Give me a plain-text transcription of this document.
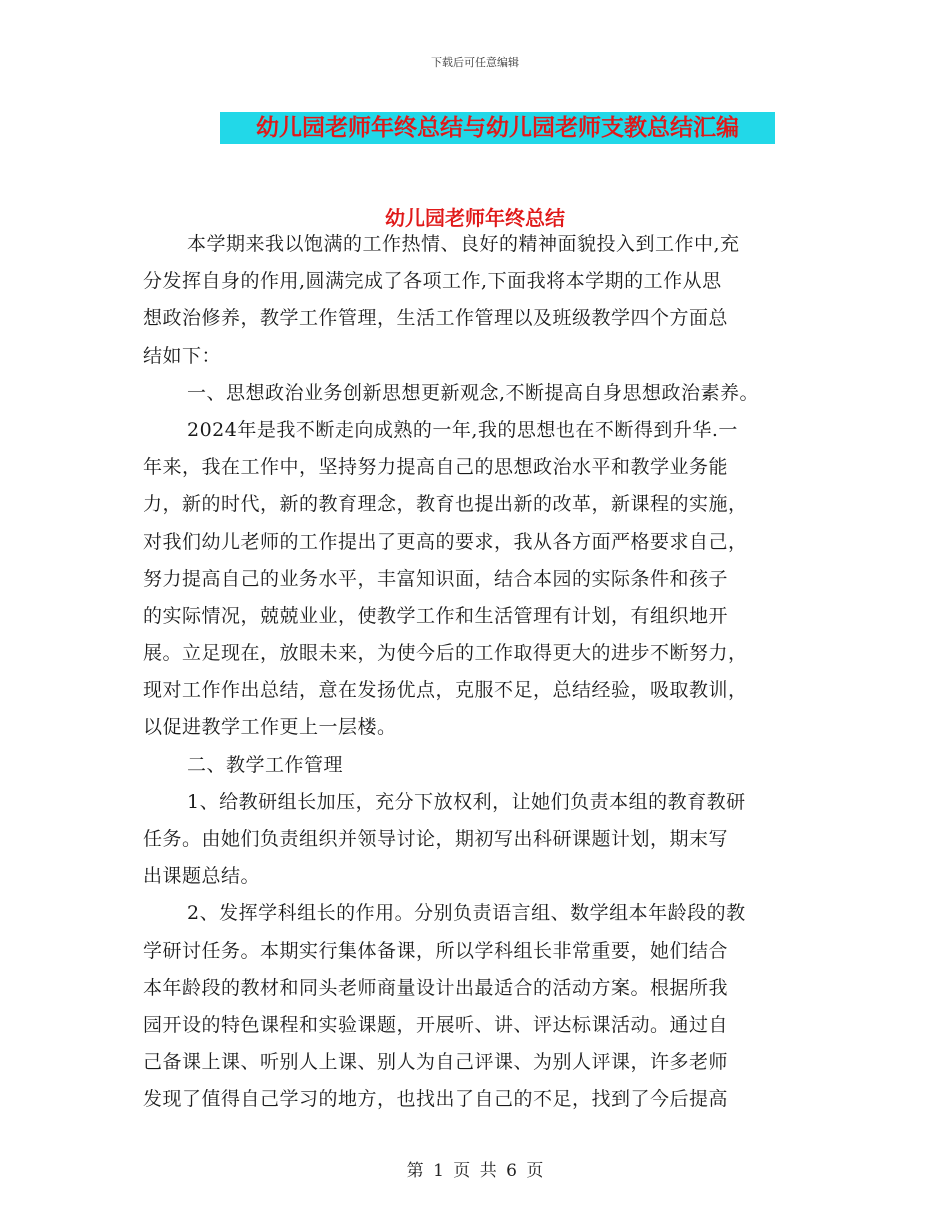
下载后可任意编辑
幼儿园老师年终总结与幼儿园老师支教总结汇编
幼儿园老师年终总结
本学期来我以饱满的工作热情、良好的精神面貌投入到工作中,充
分发挥自身的作用,圆满完成了各项工作,下面我将本学期的工作从思
想政治修养，教学工作管理，生活工作管理以及班级教学四个方面总
结如下：
一、思想政治业务创新思想更新观念,不断提高自身思想政治素养。
2024年是我不断走向成熟的一年,我的思想也在不断得到升华.一
年来，我在工作中，坚持努力提高自己的思想政治水平和教学业务能
力，新的时代，新的教育理念，教育也提出新的改革，新课程的实施，
对我们幼儿老师的工作提出了更高的要求，我从各方面严格要求自己，
努力提高自己的业务水平，丰富知识面，结合本园的实际条件和孩子
的实际情况，兢兢业业，使教学工作和生活管理有计划，有组织地开
展。立足现在，放眼未来，为使今后的工作取得更大的进步不断努力，
现对工作作出总结，意在发扬优点，克服不足，总结经验，吸取教训，
以促进教学工作更上一层楼。
二、教学工作管理
1、给教研组长加压，充分下放权利，让她们负责本组的教育教研
任务。由她们负责组织并领导讨论，期初写出科研课题计划，期末写
出课题总结。
2、发挥学科组长的作用。分别负责语言组、数学组本年龄段的教
学研讨任务。本期实行集体备课，所以学科组长非常重要，她们结合
本年龄段的教材和同头老师商量设计出最适合的活动方案。根据所我
园开设的特色课程和实验课题，开展听、讲、评达标课活动。通过自
己备课上课、听别人上课、别人为自己评课、为别人评课，许多老师
发现了值得自己学习的地方，也找出了自己的不足，找到了今后提高
第 1 页 共 6 页
